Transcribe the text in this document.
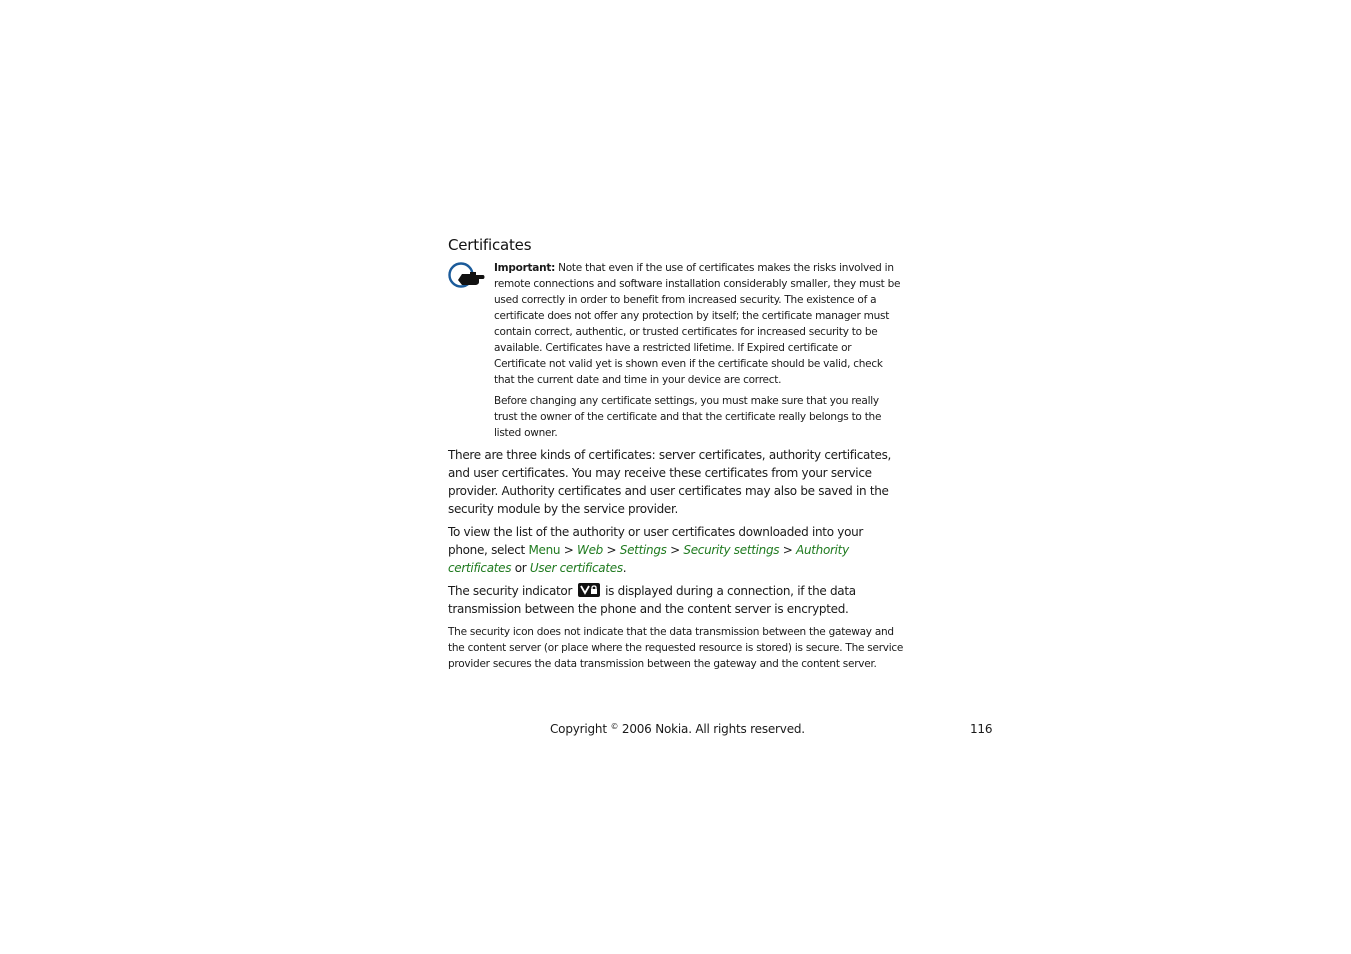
Certificates

Important: Note that even if the use of certificates makes the risks involved in remote connections and software installation considerably smaller, they must be used correctly in order to benefit from increased security. The existence of a certificate does not offer any protection by itself; the certificate manager must contain correct, authentic, or trusted certificates for increased security to be available. Certificates have a restricted lifetime. If Expired certificate or Certificate not valid yet is shown even if the certificate should be valid, check that the current date and time in your device are correct.

Before changing any certificate settings, you must make sure that you really trust the owner of the certificate and that the certificate really belongs to the listed owner.

There are three kinds of certificates: server certificates, authority certificates, and user certificates. You may receive these certificates from your service provider. Authority certificates and user certificates may also be saved in the security module by the service provider.

To view the list of the authority or user certificates downloaded into your phone, select Menu > Web > Settings > Security settings > Authority certificates or User certificates.

The security indicator  is displayed during a connection, if the data transmission between the phone and the content server is encrypted.

The security icon does not indicate that the data transmission between the gateway and the content server (or place where the requested resource is stored) is secure. The service provider secures the data transmission between the gateway and the content server.

Copyright © 2006 Nokia. All rights reserved.	116
